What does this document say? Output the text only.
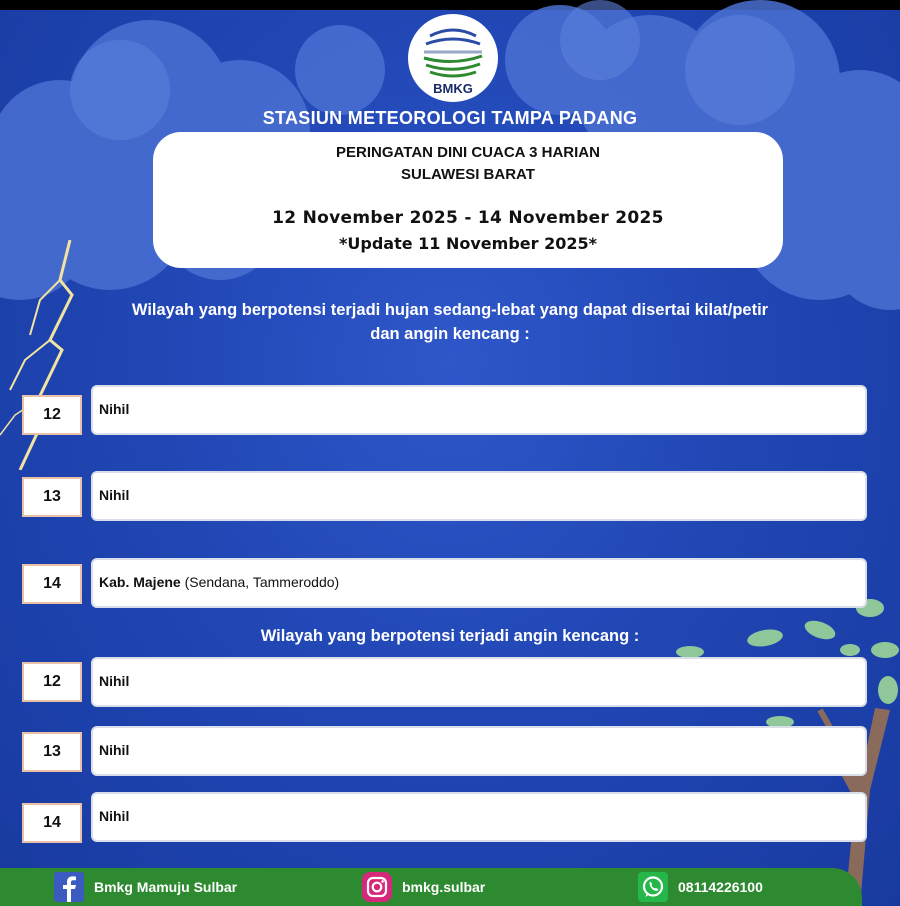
BMKG
STASIUN METEOROLOGI TAMPA PADANG
PERINGATAN DINI CUACA 3 HARIAN
SULAWESI BARAT
12 November 2025 - 14 November 2025
*Update 11 November 2025*
Wilayah yang berpotensi terjadi hujan sedang-lebat yang dapat disertai kilat/petir
dan angin kencang :
12	Nihil
13	Nihil
14	Kab. Majene (Sendana, Tammeroddo)
Wilayah yang berpotensi terjadi angin kencang :
12	Nihil
13	Nihil
14	Nihil
Bmkg Mamuju Sulbar	bmkg.sulbar	08114226100
